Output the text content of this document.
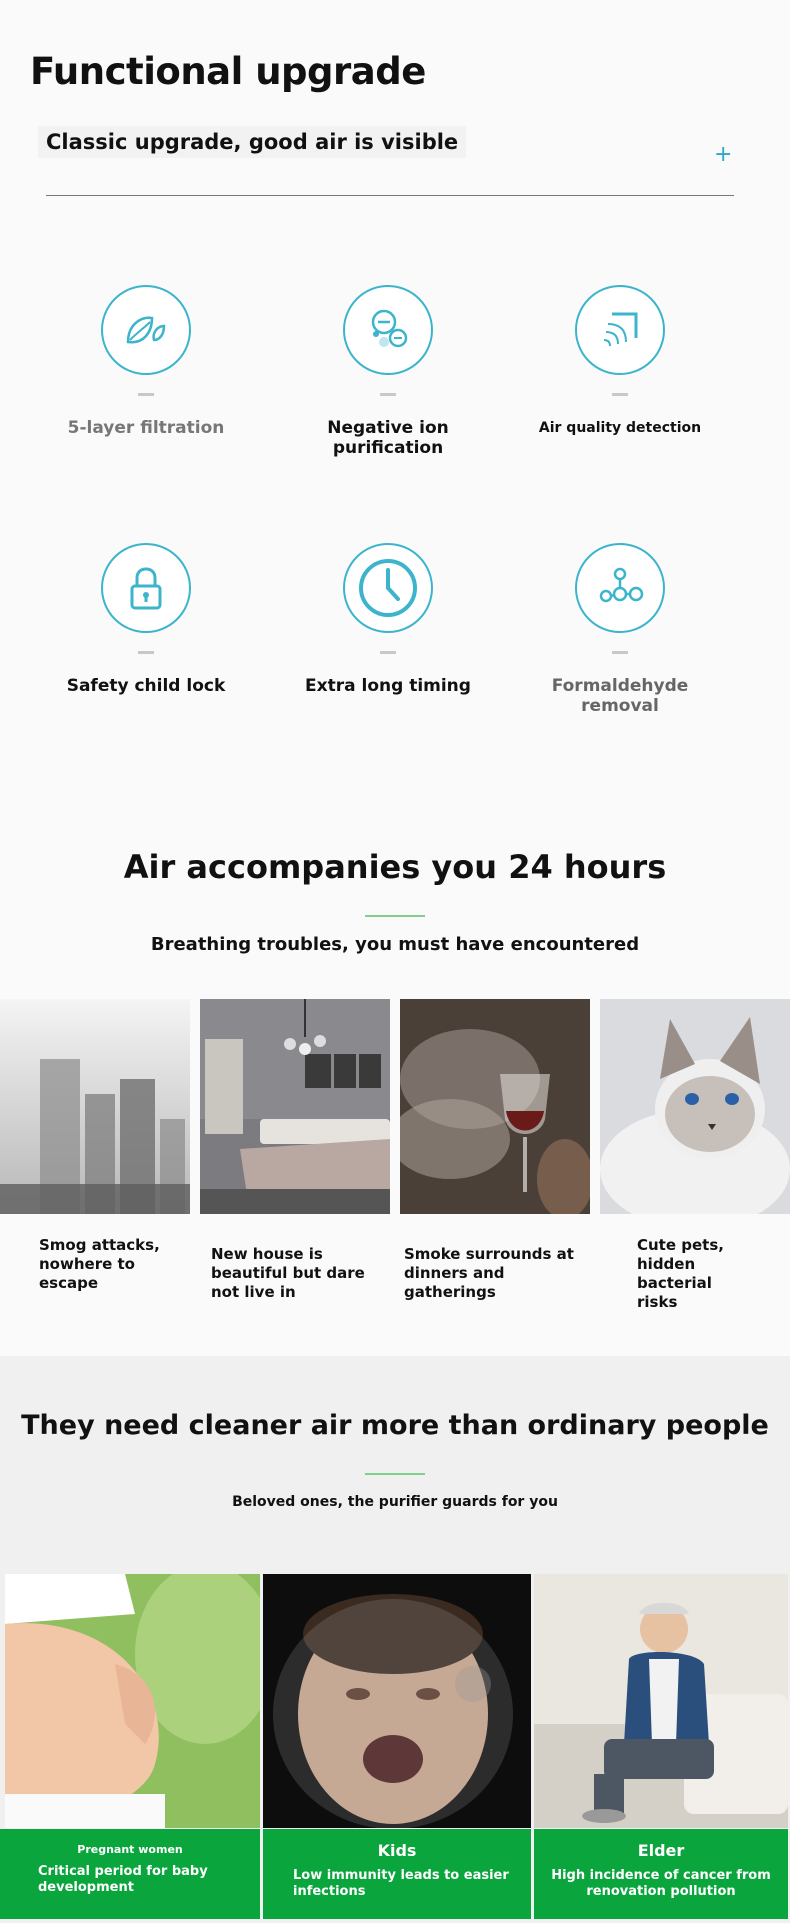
Functional upgrade
Classic upgrade, good air is visible	+
5-layer filtration	Negative ion purification
Air quality detection
Safety child lock	Extra long timing	Formaldehyde removal
Air accompanies you 24 hours
Breathing troubles, you must have encountered
Smog attacks, nowhere to escape
New house is beautiful but dare not live in
Smoke surrounds at dinners and gatherings
Cute pets, hidden bacterial risks
They need cleaner air more than ordinary people
Beloved ones, the purifier guards for you
Pregnant women
Critical period for baby development
Kids
Low immunity leads to easier infections
Elder
High incidence of cancer from renovation pollution
